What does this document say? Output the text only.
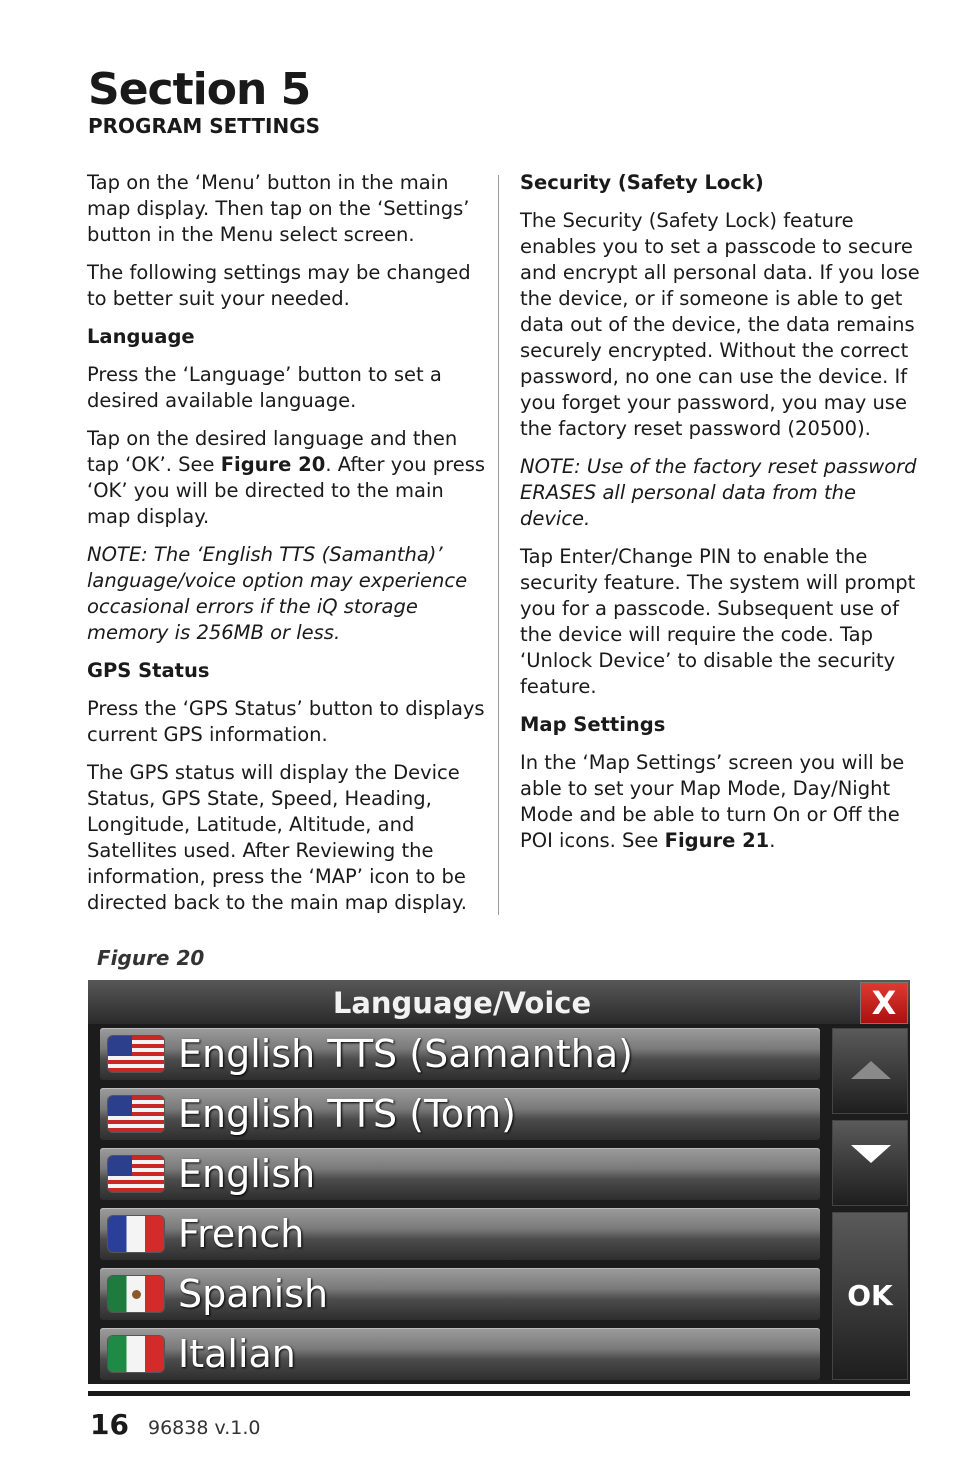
Section 5
PROGRAM SETTINGS

Tap on the ‘Menu’ button in the main map display. Then tap on the ‘Settings’ button in the Menu select screen.

The following settings may be changed to better suit your needed.

Language

Press the ‘Language’ button to set a desired available language.

Tap on the desired language and then tap ‘OK’. See Figure 20. After you press ‘OK’ you will be directed to the main map display.

NOTE: The ‘English TTS (Samantha)’ language/voice option may experience occasional errors if the iQ storage memory is 256MB or less.

GPS Status

Press the ‘GPS Status’ button to displays current GPS information.

The GPS status will display the Device Status, GPS State, Speed, Heading, Longitude, Latitude, Altitude, and Satellites used. After Reviewing the information, press the ‘MAP’ icon to be directed back to the main map display.

Security (Safety Lock)

The Security (Safety Lock) feature enables you to set a passcode to secure and encrypt all personal data. If you lose the device, or if someone is able to get data out of the device, the data remains securely encrypted. Without the correct password, no one can use the device. If you forget your password, you may use the factory reset password (20500).

NOTE: Use of the factory reset password ERASES all personal data from the device.

Tap Enter/Change PIN to enable the security feature. The system will prompt you for a passcode. Subsequent use of the device will require the code. Tap ‘Unlock Device’ to disable the security feature.

Map Settings

In the ‘Map Settings’ screen you will be able to set your Map Mode, Day/Night Mode and be able to turn On or Off the POI icons. See Figure 21.

Figure 20
Language/Voice	X
English TTS (Samantha)
English TTS (Tom)
English
French
Spanish
Italian
OK
16 96838 v.1.0
